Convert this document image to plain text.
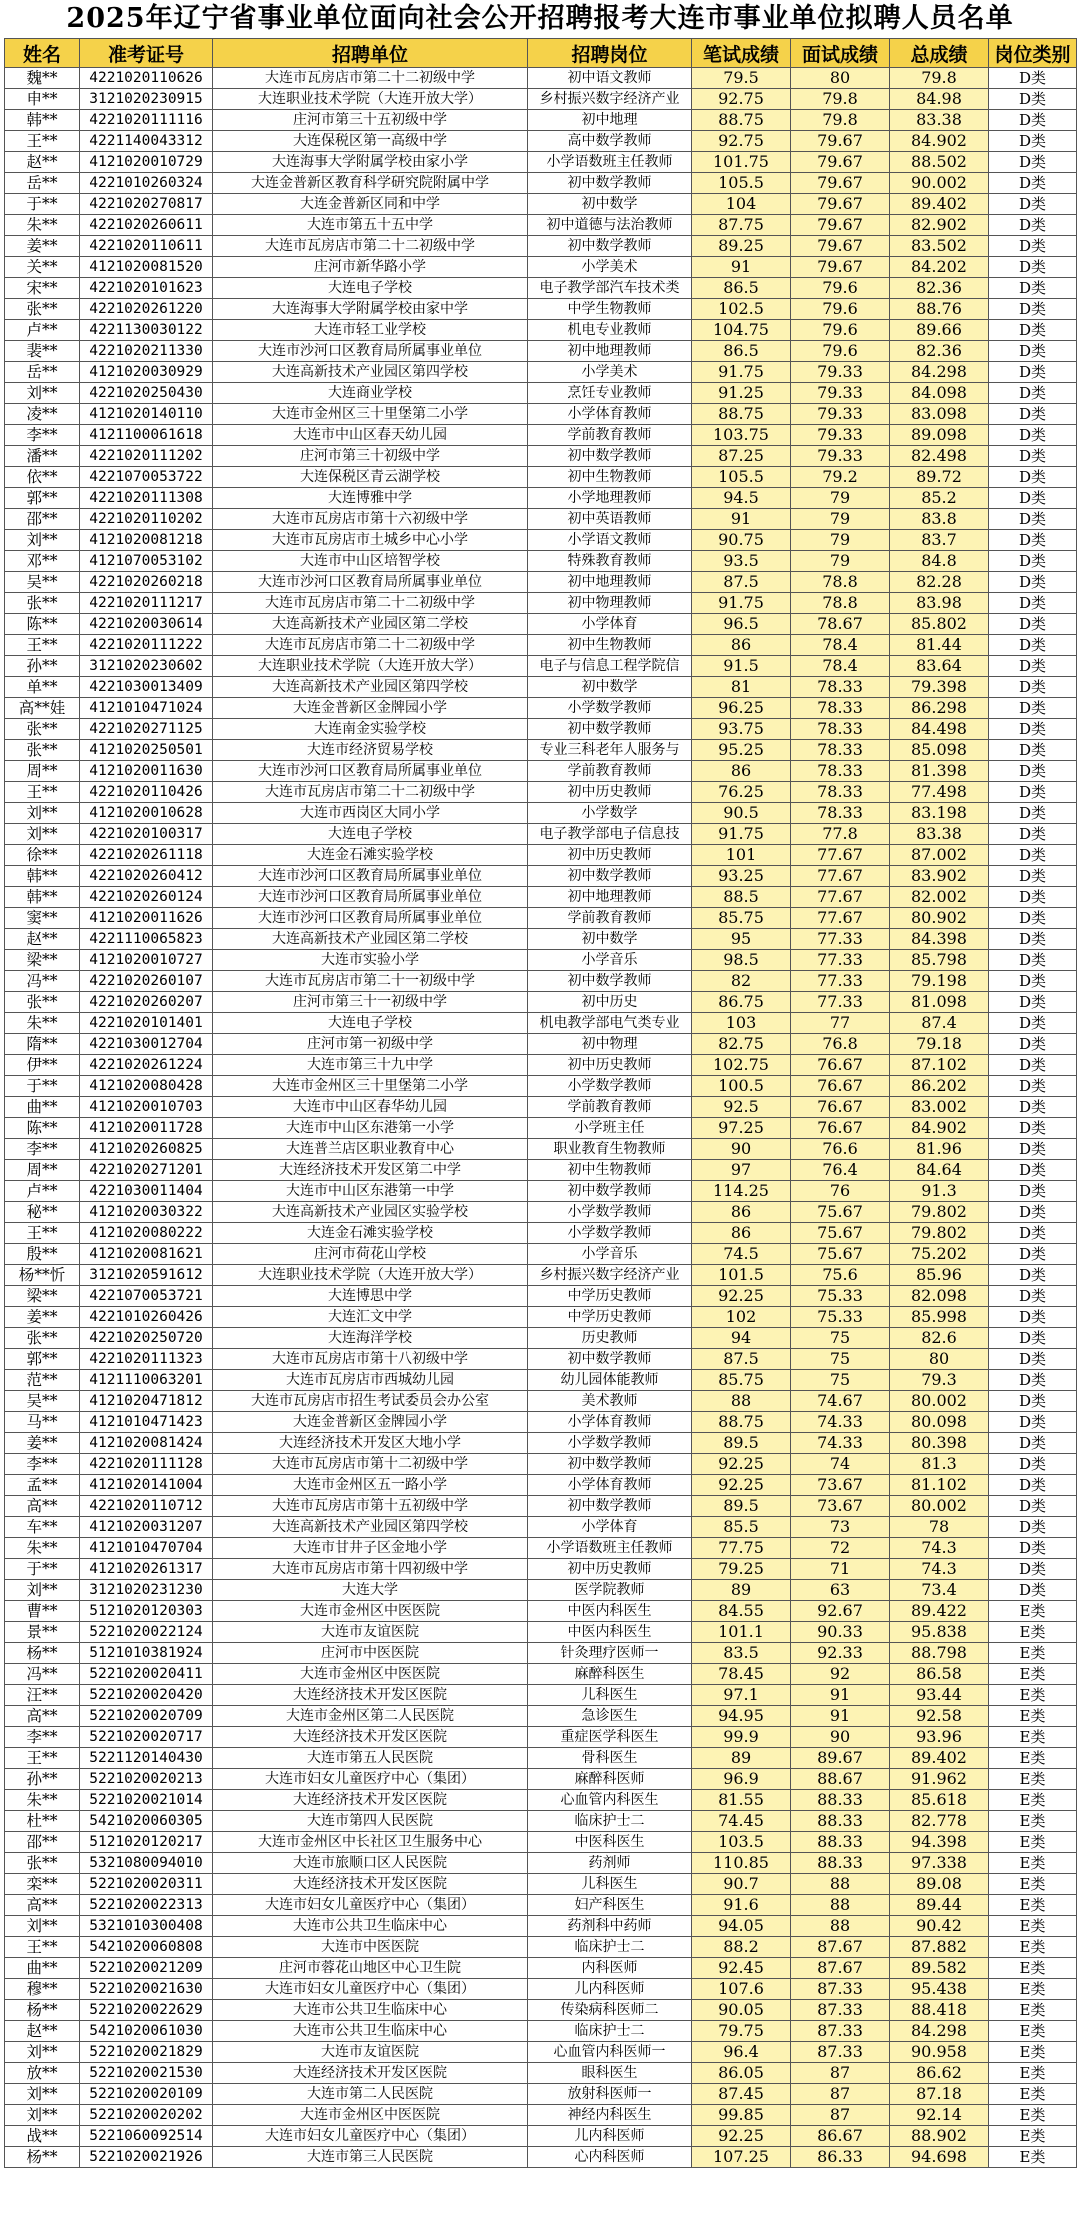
2025年辽宁省事业单位面向社会公开招聘报考大连市事业单位拟聘人员名单
姓名	准考证号	招聘单位	招聘岗位	笔试成绩	面试成绩	总成绩	岗位类别
魏**	4221020110626	大连市瓦房店市第二十二初级中学	初中语文教师	79.5	80	79.8	D类
申**	3121020230915	大连职业技术学院（大连开放大学）	乡村振兴数字经济产业	92.75	79.8	84.98	D类
韩**	4221020111116	庄河市第三十五初级中学	初中地理	88.75	79.8	83.38	D类
王**	4221140043312	大连保税区第一高级中学	高中数学教师	92.75	79.67	84.902	D类
赵**	4121020010729	大连海事大学附属学校由家小学	小学语数班主任教师	101.75	79.67	88.502	D类
岳**	4221010260324	大连金普新区教育科学研究院附属中学	初中数学教师	105.5	79.67	90.002	D类
于**	4221020270817	大连金普新区同和中学	初中数学	104	79.67	89.402	D类
朱**	4221020260611	大连市第五十五中学	初中道德与法治教师	87.75	79.67	82.902	D类
姜**	4221020110611	大连市瓦房店市第二十二初级中学	初中数学教师	89.25	79.67	83.502	D类
关**	4121020081520	庄河市新华路小学	小学美术	91	79.67	84.202	D类
宋**	4221020101623	大连电子学校	电子教学部汽车技术类	86.5	79.6	82.36	D类
张**	4221020261220	大连海事大学附属学校由家中学	中学生物教师	102.5	79.6	88.76	D类
卢**	4221130030122	大连市轻工业学校	机电专业教师	104.75	79.6	89.66	D类
裴**	4221020211330	大连市沙河口区教育局所属事业单位	初中地理教师	86.5	79.6	82.36	D类
岳**	4121020030929	大连高新技术产业园区第四学校	小学美术	91.75	79.33	84.298	D类
刘**	4221020250430	大连商业学校	烹饪专业教师	91.25	79.33	84.098	D类
凌**	4121020140110	大连市金州区三十里堡第二小学	小学体育教师	88.75	79.33	83.098	D类
李**	4121100061618	大连市中山区春天幼儿园	学前教育教师	103.75	79.33	89.098	D类
潘**	4221020111202	庄河市第三十初级中学	初中数学教师	87.25	79.33	82.498	D类
依**	4221070053722	大连保税区青云湖学校	初中生物教师	105.5	79.2	89.72	D类
郭**	4221020111308	大连博雅中学	小学地理教师	94.5	79	85.2	D类
邵**	4221020110202	大连市瓦房店市第十六初级中学	初中英语教师	91	79	83.8	D类
刘**	4121020081218	大连市瓦房店市土城乡中心小学	小学语文教师	90.75	79	83.7	D类
邓**	4121070053102	大连市中山区培智学校	特殊教育教师	93.5	79	84.8	D类
吴**	4221020260218	大连市沙河口区教育局所属事业单位	初中地理教师	87.5	78.8	82.28	D类
张**	4221020111217	大连市瓦房店市第二十二初级中学	初中物理教师	91.75	78.8	83.98	D类
陈**	4221020030614	大连高新技术产业园区第二学校	小学体育	96.5	78.67	85.802	D类
王**	4221020111222	大连市瓦房店市第二十二初级中学	初中生物教师	86	78.4	81.44	D类
孙**	3121020230602	大连职业技术学院（大连开放大学）	电子与信息工程学院信	91.5	78.4	83.64	D类
单**	4221030013409	大连高新技术产业园区第四学校	初中数学	81	78.33	79.398	D类
高**娃	4121010471024	大连金普新区金牌园小学	小学数学教师	96.25	78.33	86.298	D类
张**	4221020271125	大连南金实验学校	初中数学教师	93.75	78.33	84.498	D类
张**	4121020250501	大连市经济贸易学校	专业三科老年人服务与	95.25	78.33	85.098	D类
周**	4121020011630	大连市沙河口区教育局所属事业单位	学前教育教师	86	78.33	81.398	D类
王**	4221020110426	大连市瓦房店市第二十二初级中学	初中历史教师	76.25	78.33	77.498	D类
刘**	4121020010628	大连市西岗区大同小学	小学数学	90.5	78.33	83.198	D类
刘**	4221020100317	大连电子学校	电子教学部电子信息技	91.75	77.8	83.38	D类
徐**	4221020261118	大连金石滩实验学校	初中历史教师	101	77.67	87.002	D类
韩**	4221020260412	大连市沙河口区教育局所属事业单位	初中数学教师	93.25	77.67	83.902	D类
韩**	4221020260124	大连市沙河口区教育局所属事业单位	初中地理教师	88.5	77.67	82.002	D类
窦**	4121020011626	大连市沙河口区教育局所属事业单位	学前教育教师	85.75	77.67	80.902	D类
赵**	4221110065823	大连高新技术产业园区第二学校	初中数学	95	77.33	84.398	D类
梁**	4121020010727	大连市实验小学	小学音乐	98.5	77.33	85.798	D类
冯**	4221020260107	大连市瓦房店市第二十一初级中学	初中数学教师	82	77.33	79.198	D类
张**	4221020260207	庄河市第三十一初级中学	初中历史	86.75	77.33	81.098	D类
朱**	4221020101401	大连电子学校	机电教学部电气类专业	103	77	87.4	D类
隋**	4221030012704	庄河市第一初级中学	初中物理	82.75	76.8	79.18	D类
伊**	4221020261224	大连市第三十九中学	初中历史教师	102.75	76.67	87.102	D类
于**	4121020080428	大连市金州区三十里堡第二小学	小学数学教师	100.5	76.67	86.202	D类
曲**	4121020010703	大连市中山区春华幼儿园	学前教育教师	92.5	76.67	83.002	D类
陈**	4121020011728	大连市中山区东港第一小学	小学班主任	97.25	76.67	84.902	D类
李**	4121020260825	大连普兰店区职业教育中心	职业教育生物教师	90	76.6	81.96	D类
周**	4221020271201	大连经济技术开发区第二中学	初中生物教师	97	76.4	84.64	D类
卢**	4221030011404	大连市中山区东港第一中学	初中数学教师	114.25	76	91.3	D类
秘**	4121020030322	大连高新技术产业园区实验学校	小学数学教师	86	75.67	79.802	D类
王**	4121020080222	大连金石滩实验学校	小学数学教师	86	75.67	79.802	D类
殷**	4121020081621	庄河市荷花山学校	小学音乐	74.5	75.67	75.202	D类
杨**忻	3121020591612	大连职业技术学院（大连开放大学）	乡村振兴数字经济产业	101.5	75.6	85.96	D类
梁**	4221070053721	大连博思中学	中学历史教师	92.25	75.33	82.098	D类
姜**	4221010260426	大连汇文中学	中学历史教师	102	75.33	85.998	D类
张**	4221020250720	大连海洋学校	历史教师	94	75	82.6	D类
郭**	4221020111323	大连市瓦房店市第十八初级中学	初中数学教师	87.5	75	80	D类
范**	4121110063201	大连市瓦房店市西城幼儿园	幼儿园体能教师	85.75	75	79.3	D类
吴**	4121020471812	大连市瓦房店市招生考试委员会办公室	美术教师	88	74.67	80.002	D类
马**	4121010471423	大连金普新区金牌园小学	小学体育教师	88.75	74.33	80.098	D类
姜**	4121020081424	大连经济技术开发区大地小学	小学数学教师	89.5	74.33	80.398	D类
李**	4221020111128	大连市瓦房店市第十二初级中学	初中数学教师	92.25	74	81.3	D类
孟**	4121020141004	大连市金州区五一路小学	小学体育教师	92.25	73.67	81.102	D类
高**	4221020110712	大连市瓦房店市第十五初级中学	初中数学教师	89.5	73.67	80.002	D类
车**	4121020031207	大连高新技术产业园区第四学校	小学体育	85.5	73	78	D类
朱**	4121010470704	大连市甘井子区金地小学	小学语数班主任教师	77.75	72	74.3	D类
于**	4121020261317	大连市瓦房店市第十四初级中学	初中历史教师	79.25	71	74.3	D类
刘**	3121020231230	大连大学	医学院教师	89	63	73.4	D类
曹**	5121020120303	大连市金州区中医医院	中医内科医生	84.55	92.67	89.422	E类
景**	5221020022124	大连市友谊医院	中医内科医生	101.1	90.33	95.838	E类
杨**	5121010381924	庄河市中医医院	针灸理疗医师一	83.5	92.33	88.798	E类
冯**	5221020020411	大连市金州区中医医院	麻醉科医生	78.45	92	86.58	E类
汪**	5221020020420	大连经济技术开发区医院	儿科医生	97.1	91	93.44	E类
高**	5221020020709	大连市金州区第二人民医院	急诊医生	94.95	91	92.58	E类
李**	5221020020717	大连经济技术开发区医院	重症医学科医生	99.9	90	93.96	E类
王**	5221120140430	大连市第五人民医院	骨科医生	89	89.67	89.402	E类
孙**	5221020020213	大连市妇女儿童医疗中心（集团）	麻醉科医师	96.9	88.67	91.962	E类
朱**	5221020021014	大连经济技术开发区医院	心血管内科医生	81.55	88.33	85.618	E类
杜**	5421020060305	大连市第四人民医院	临床护士二	74.45	88.33	82.778	E类
邵**	5121020120217	大连市金州区中长社区卫生服务中心	中医科医生	103.5	88.33	94.398	E类
张**	5321080094010	大连市旅顺口区人民医院	药剂师	110.85	88.33	97.338	E类
栾**	5221020020311	大连经济技术开发区医院	儿科医生	90.7	88	89.08	E类
高**	5221020022313	大连市妇女儿童医疗中心（集团）	妇产科医生	91.6	88	89.44	E类
刘**	5321010300408	大连市公共卫生临床中心	药剂科中药师	94.05	88	90.42	E类
王**	5421020060808	大连市中医医院	临床护士二	88.2	87.67	87.882	E类
曲**	5221020021209	庄河市蓉花山地区中心卫生院	内科医师	92.45	87.67	89.582	E类
穆**	5221020021630	大连市妇女儿童医疗中心（集团）	儿内科医师	107.6	87.33	95.438	E类
杨**	5221020022629	大连市公共卫生临床中心	传染病科医师二	90.05	87.33	88.418	E类
赵**	5421020061030	大连市公共卫生临床中心	临床护士二	79.75	87.33	84.298	E类
刘**	5221020021829	大连市友谊医院	心血管内科医师一	96.4	87.33	90.958	E类
放**	5221020021530	大连经济技术开发区医院	眼科医生	86.05	87	86.62	E类
刘**	5221020020109	大连市第二人民医院	放射科医师一	87.45	87	87.18	E类
刘**	5221020020202	大连市金州区中医医院	神经内科医生	99.85	87	92.14	E类
战**	5221060092514	大连市妇女儿童医疗中心（集团）	儿内科医师	92.25	86.67	88.902	E类
杨**	5221020021926	大连市第三人民医院	心内科医师	107.25	86.33	94.698	E类
